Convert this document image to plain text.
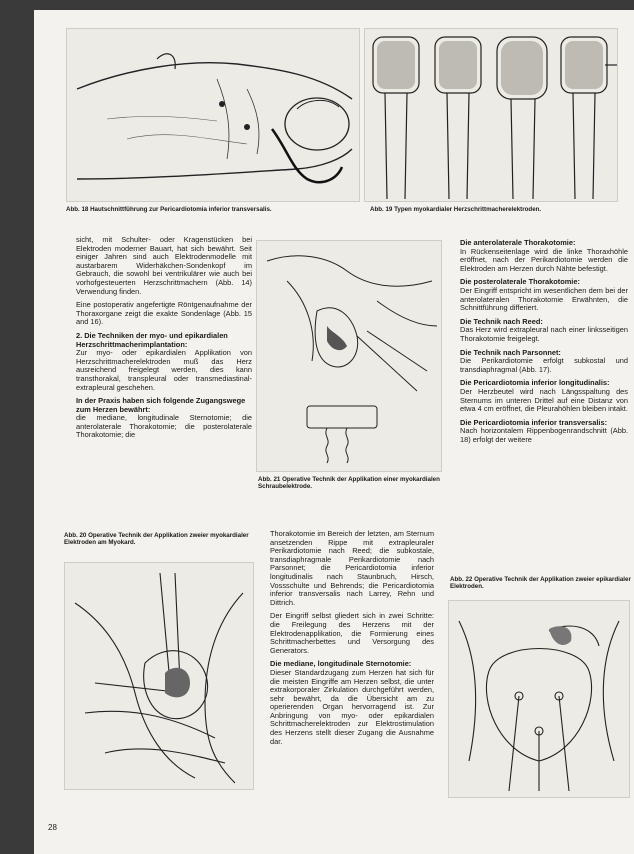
Abb. 18 Hautschnittführung zur Pericardiotomia inferior transversalis.	Abb. 19 Typen myokardialer Herzschrittmacherelektroden.

sicht, mit Schulter- oder Kragenstücken bei Elektroden moderner Bauart, hat sich bewährt. Seit einiger Jahren sind auch Elektrodenmodelle mit austarbarem Widerhäkchen-Sondenkopf im Gebrauch, die sowohl bei ventrikulärer wie auch bei vorhofgesteuerten Herzschrittmachern (Abb. 14) Verwendung finden.

Eine postoperativ angefertigte Röntgenaufnahme der Thoraxorgane zeigt die exakte Sondenlage (Abb. 15 and 16).

2. Die Techniken der myo- und epikardialen Herzschrittmacherimplantation:

Zur myo- oder epikardialen Applikation von Herzschrittmacherelektroden muß das Herz ausreichend freigelegt werden, dies kann transthorakal, transpleural oder transmediastinal-extrapleural geschehen.

In der Praxis haben sich folgende Zugangswege zum Herzen bewährt:

die mediane, longitudinale Sternotomie; die anterolaterale Thorakotomie; die posterolaterale Thorakotomie; die

Abb. 21 Operative Technik der Applikation einer myokardialen Schraubelektrode.
Die anterolaterale Thorakotomie:

In Rückenseitenlage wird die linke Thoraxhöhle eröffnet, nach der Perikardiotomie werden die Elektroden am Herzen durch Nähte befestigt.

Die posterolaterale Thorakotomie:

Der Eingriff entspricht im wesentlichen dem bei der anterolateralen Thorakotomie Erwähnten, die Schnittführung differiert.

Die Technik nach Reed:

Das Herz wird extrapleural nach einer linksseitigen Thorakotomie freigelegt.

Die Technik nach Parsonnet:

Die Perikardiotomie erfolgt subkostal und transdiaphragmal (Abb. 17).

Die Pericardiotomia inferior longitudinalis:

Der Herzbeutel wird nach Längsspaltung des Sternums im unteren Drittel auf eine Distanz von etwa 4 cm eröffnet, die Pleurahöhlen bleiben intakt.

Die Pericardiotomia inferior transversalis:

Nach horizontalem Rippenbogenrandschnitt (Abb. 18) erfolgt der weitere

Abb. 20 Operative Technik der Applikation zweier myokardialer Elektroden am Myokard.

Thorakotomie im Bereich der letzten, am Sternum ansetzenden Rippe mit extrapleuraler Perikardiotomie nach Reed; die subkostale, transdiaphragmale Perikardiotomie nach Parsonnet; die Pericardiotomia inferior longitudinalis nach Staunbruch, Hirsch, Vossschulte und Behrends; die Pericardiotomia inferior transversalis nach Larrey, Rehn und Dittrich.

Der Eingriff selbst gliedert sich in zwei Schritte: die Freilegung des Herzens mit der Elektrodenapplikation, die Formierung eines Schrittmacherbettes und Versorgung des Generators.

Die mediane, longitudinale Sternotomie:

Dieser Standardzugang zum Herzen hat sich für die meisten Eingriffe am Herzen selbst, die unter extrakorporaler Zirkulation durchgeführt werden, sehr bewährt, da die Übersicht am zu operierenden Organ hervorragend ist. Zur Anbringung von myo- oder epikardialen Schrittmacherelektroden zur Elektrostimulation des Herzens stellt dieser Zugang die Ausnahme dar.

Abb. 22 Operative Technik der Applikation zweier epikardialer Elektroden.
28
